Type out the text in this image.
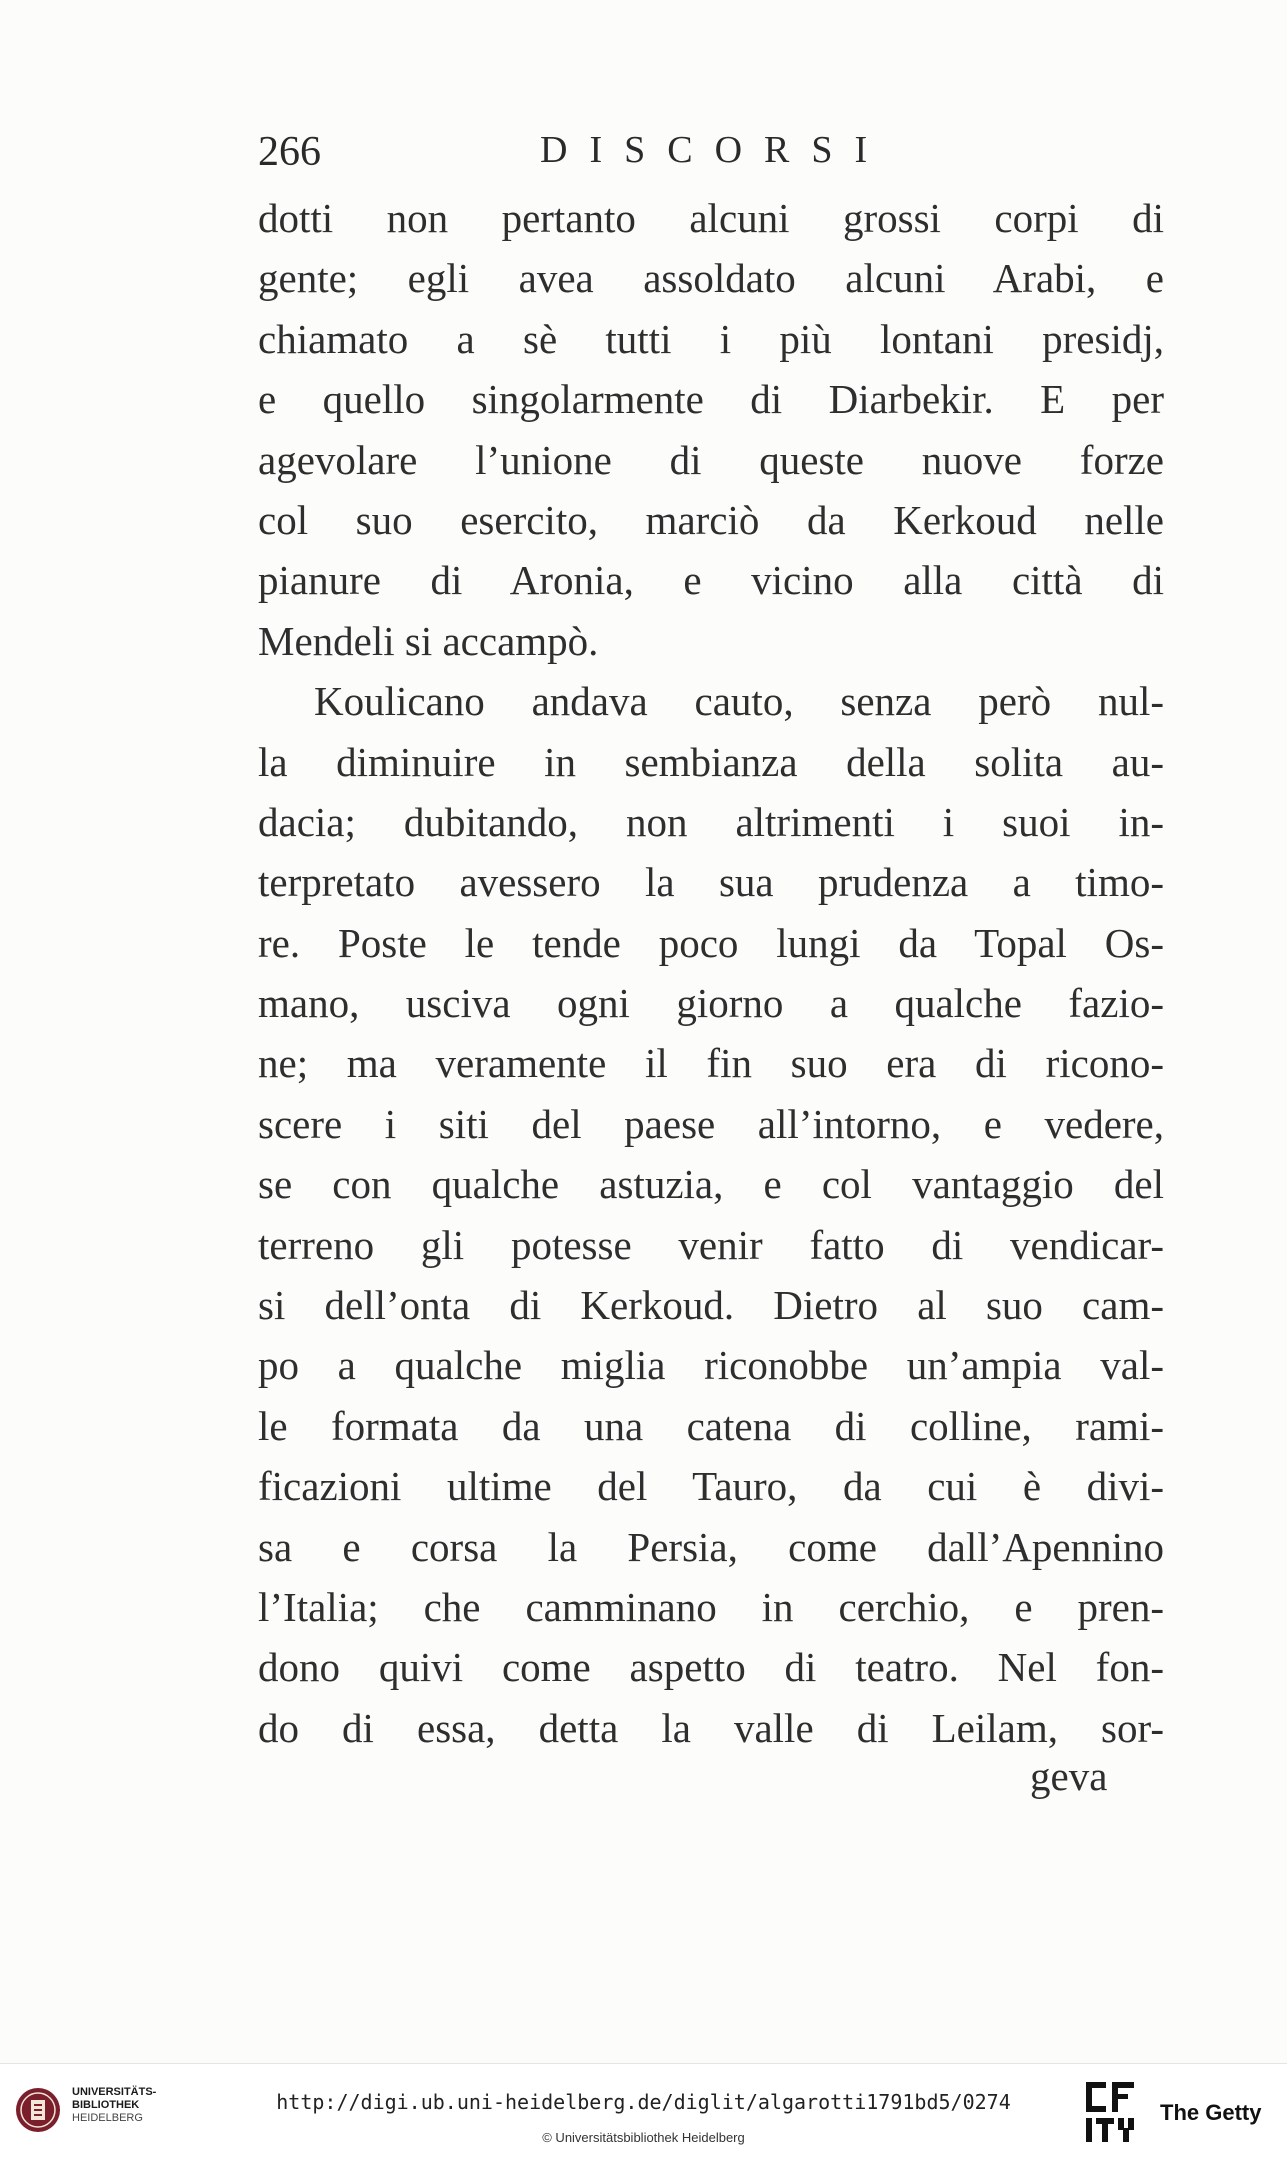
266	DISCORSI
dotti non pertanto alcuni grossi corpi di
gente; egli avea assoldato alcuni Arabi, e
chiamato a sè tutti i più lontani presidj,
e quello singolarmente di Diarbekir. E per
agevolare l’unione di queste nuove forze
col suo esercito, marciò da Kerkoud nelle
pianure di Aronia, e vicino alla città di
Mendeli si accampò.
Koulicano andava cauto, senza però nul-
la diminuire in sembianza della solita au-
dacia; dubitando, non altrimenti i suoi in-
terpretato avessero la sua prudenza a timo-
re. Poste le tende poco lungi da Topal Os-
mano, usciva ogni giorno a qualche fazio-
ne; ma veramente il fin suo era di ricono-
scere i siti del paese all’intorno, e vedere,
se con qualche astuzia, e col vantaggio del
terreno gli potesse venir fatto di vendicar-
si dell’onta di Kerkoud. Dietro al suo cam-
po a qualche miglia riconobbe un’ampia val-
le formata da una catena di colline, rami-
ficazioni ultime del Tauro, da cui è divi-
sa e corsa la Persia, come dall’Apennino
l’Italia; che camminano in cerchio, e pren-
dono quivi come aspetto di teatro. Nel fon-
do di essa, detta la valle di Leilam, sor-
geva
UNIVERSITÄTS-
BIBLIOTHEK
HEIDELBERG
http://digi.ub.uni-heidelberg.de/diglit/algarotti1791bd5/0274
© Universitätsbibliothek Heidelberg
The Getty
